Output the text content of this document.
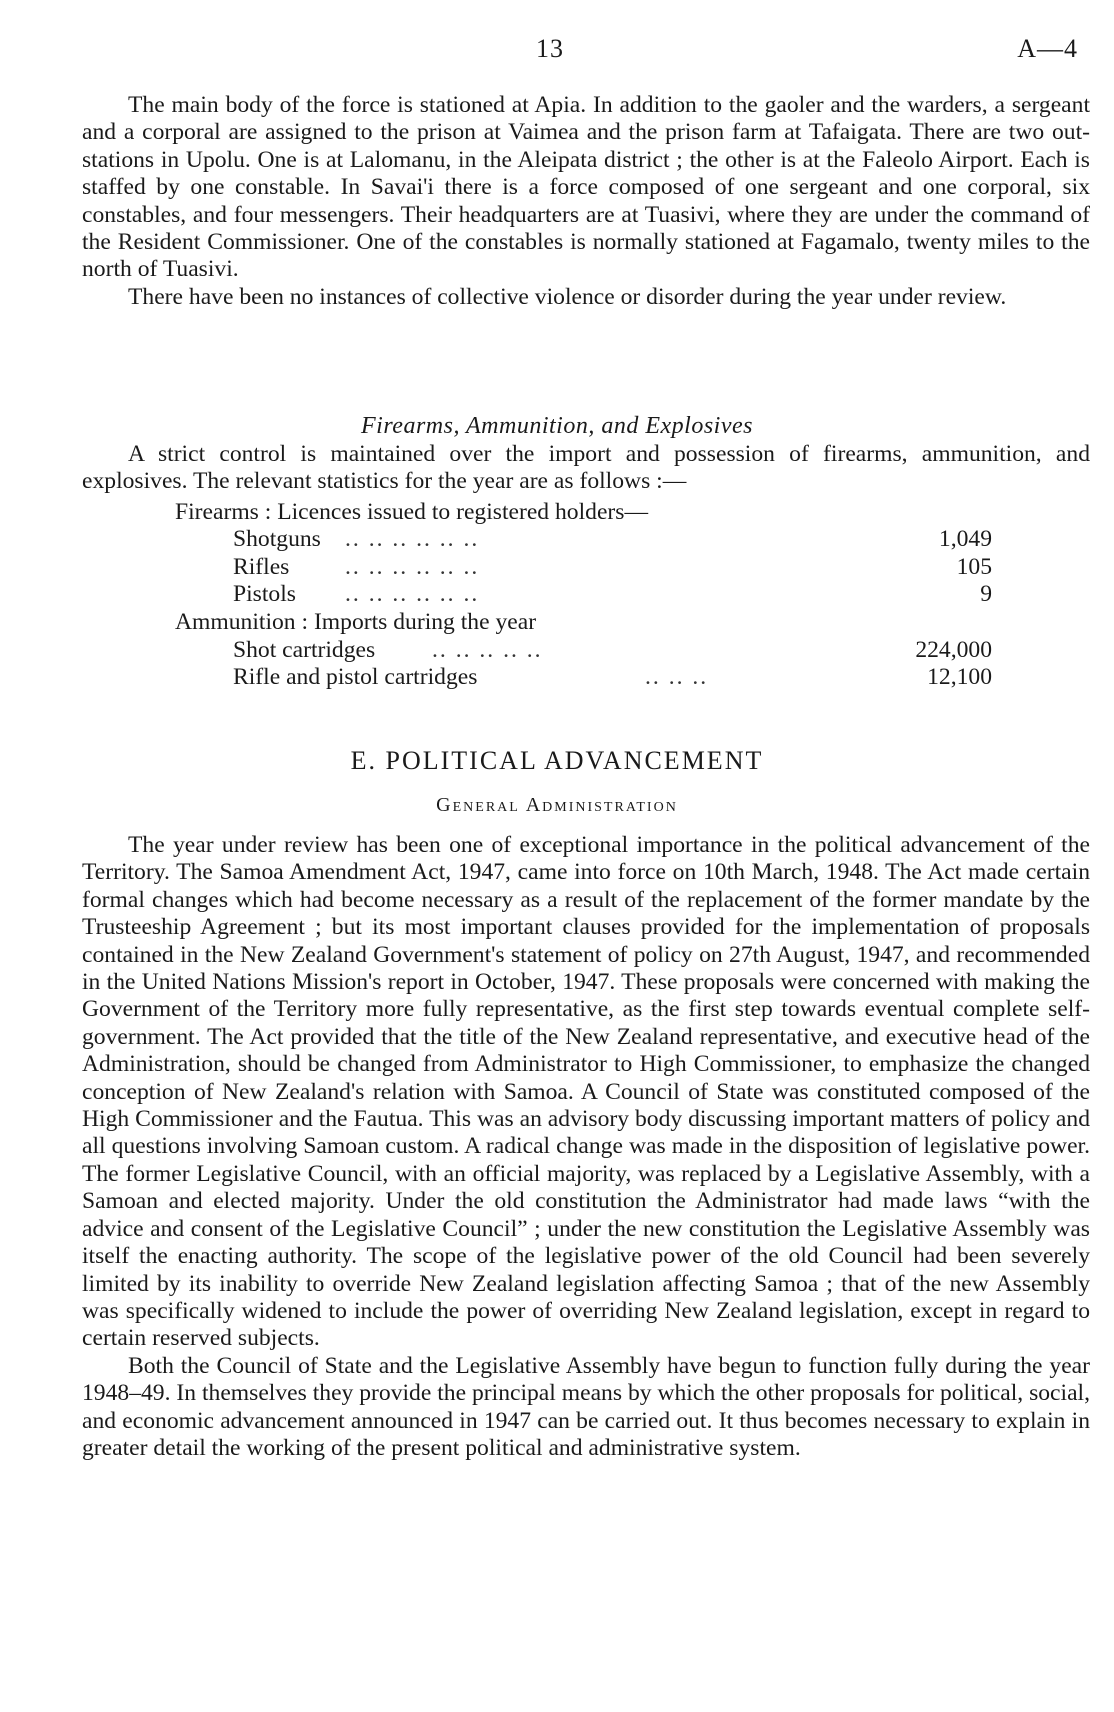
13	A—4

The main body of the force is stationed at Apia. In addition to the gaoler and the warders, a sergeant and a corporal are assigned to the prison at Vaimea and the prison farm at Tafaigata. There are two out-stations in Upolu. One is at Lalomanu, in the Aleipata district ; the other is at the Faleolo Airport. Each is staffed by one constable. In Savai'i there is a force composed of one sergeant and one corporal, six constables, and four messengers. Their headquarters are at Tuasivi, where they are under the command of the Resident Commissioner. One of the constables is normally stationed at Fagamalo, twenty miles to the north of Tuasivi.

There have been no instances of collective violence or disorder during the year under review.

Firearms, Ammunition, and Explosives

A strict control is maintained over the import and possession of firearms, ammunition, and explosives. The relevant statistics for the year are as follows :—

Firearms : Licences issued to registered holders—
Shotguns .. .. .. .. .. ..	1,049
Rifles .. .. .. .. .. ..	105
Pistols .. .. .. .. .. ..	9
Ammunition : Imports during the year
Shot cartridges .. .. .. .. ..	224,000
Rifle and pistol cartridges	.. .. ..	12,100
E. POLITICAL ADVANCEMENT
General Administration

The year under review has been one of exceptional importance in the political advancement of the Territory. The Samoa Amendment Act, 1947, came into force on 10th March, 1948. The Act made certain formal changes which had become necessary as a result of the replacement of the former mandate by the Trusteeship Agreement ; but its most important clauses provided for the implementation of proposals contained in the New Zealand Government's statement of policy on 27th August, 1947, and recommended in the United Nations Mission's report in October, 1947. These proposals were concerned with making the Government of the Territory more fully representative, as the first step towards eventual complete self-government. The Act provided that the title of the New Zealand representative, and executive head of the Administration, should be changed from Administrator to High Commissioner, to emphasize the changed conception of New Zealand's relation with Samoa. A Council of State was constituted composed of the High Commissioner and the Fautua. This was an advisory body discussing important matters of policy and all questions involving Samoan custom. A radical change was made in the disposition of legislative power. The former Legislative Council, with an official majority, was replaced by a Legislative Assembly, with a Samoan and elected majority. Under the old constitution the Administrator had made laws “with the advice and consent of the Legislative Council” ; under the new constitution the Legislative Assembly was itself the enacting authority. The scope of the legislative power of the old Council had been severely limited by its inability to override New Zealand legislation affecting Samoa ; that of the new Assembly was specifically widened to include the power of overriding New Zealand legislation, except in regard to certain reserved subjects.

Both the Council of State and the Legislative Assembly have begun to function fully during the year 1948–49. In themselves they provide the principal means by which the other proposals for political, social, and economic advancement announced in 1947 can be carried out. It thus becomes necessary to explain in greater detail the working of the present political and administrative system.
